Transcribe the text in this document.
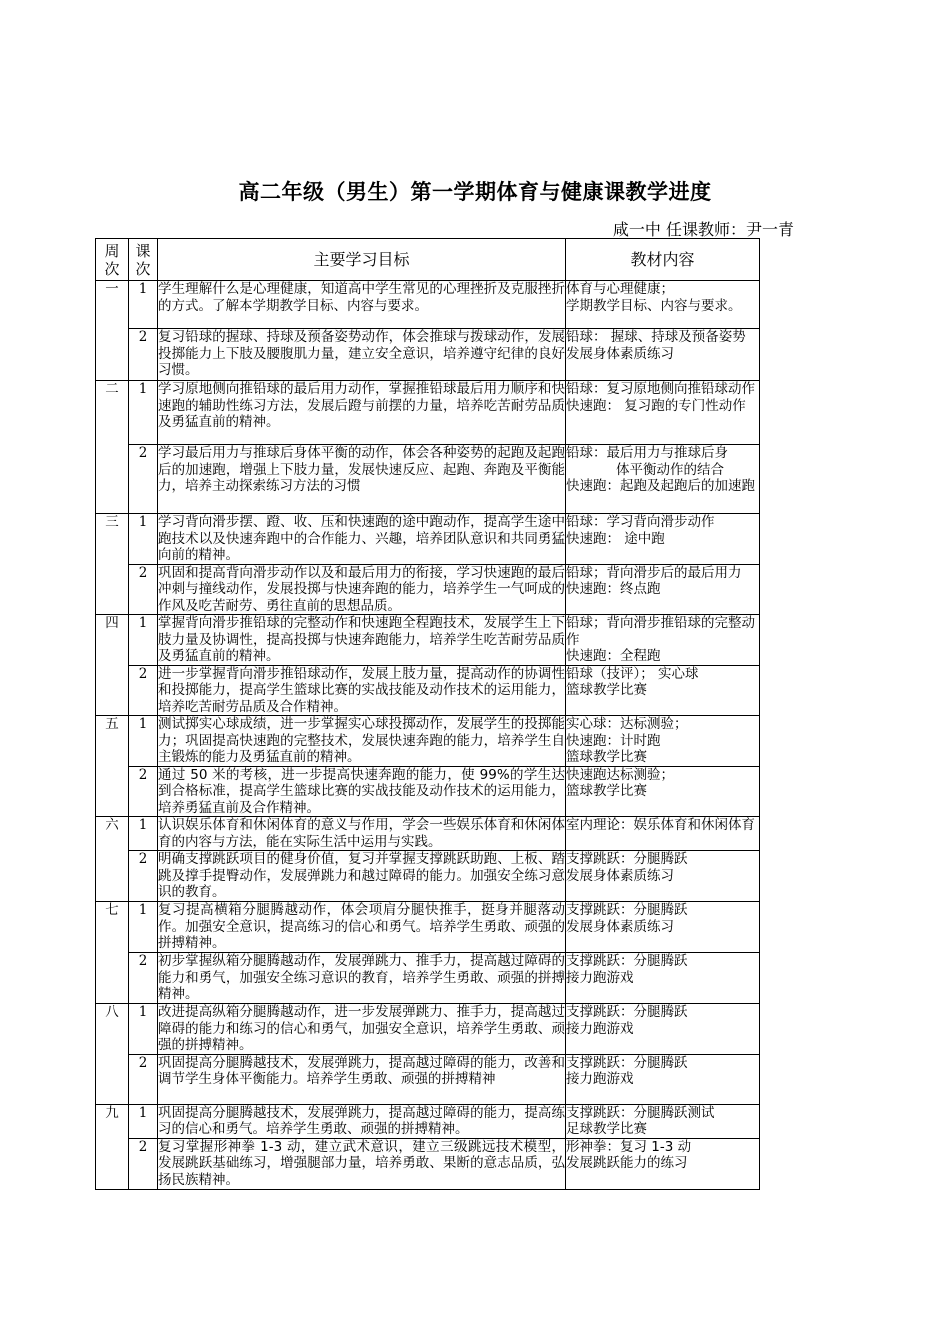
高二年级（男生）第一学期体育与健康课教学进度
咸一中 任课教师：尹一青
周次	课次	主要学习目标	教材内容
一	1	学生理解什么是心理健康，知道高中学生常见的心理挫折及克服挫折的方式。了解本学期教学目标、内容与要求。	体育与心理健康；
学期教学目标、内容与要求。

	2	复习铅球的握球、持球及预备姿势动作，体会推球与拨球动作，发展投掷能力上下肢及腰腹肌力量，建立安全意识，培养遵守纪律的良好习惯。	铅球： 握球、持球及预备姿势
发展身体素质练习

二	1	学习原地侧向推铅球的最后用力动作，掌握推铅球最后用力顺序和快速跑的辅助性练习方法，发展后蹬与前摆的力量，培养吃苦耐劳品质及勇猛直前的精神。	铅球：复习原地侧向推铅球动作
快速跑： 复习跑的专门性动作

	2	学习最后用力与推球后身体平衡的动作，体会各种姿势的起跑及起跑后的加速跑，增强上下肢力量，发展快速反应、起跑、奔跑及平衡能力，培养主动探索练习方法的习惯	铅球：最后用力与推球后身
体平衡动作的结合
快速跑：起跑及起跑后的加速跑

三	1	学习背向滑步摆、蹬、收、压和快速跑的途中跑动作，提高学生途中跑技术以及快速奔跑中的合作能力、兴趣，培养团队意识和共同勇猛向前的精神。	铅球：学习背向滑步动作
快速跑： 途中跑

	2	巩固和提高背向滑步动作以及和最后用力的衔接，学习快速跑的最后冲刺与撞线动作，发展投掷与快速奔跑的能力，培养学生一气呵成的作风及吃苦耐劳、勇往直前的思想品质。	铅球；背向滑步后的最后用力
快速跑：终点跑

四	1	掌握背向滑步推铅球的完整动作和快速跑全程跑技术，发展学生上下肢力量及协调性，提高投掷与快速奔跑能力，培养学生吃苦耐劳品质及勇猛直前的精神。	铅球；背向滑步推铅球的完整动作
快速跑：全程跑

	2	进一步掌握背向滑步推铅球动作，发展上肢力量，提高动作的协调性和投掷能力，提高学生篮球比赛的实战技能及动作技术的运用能力，培养吃苦耐劳品质及合作精神。	铅球（技评）； 实心球
篮球教学比赛

五	1	测试掷实心球成绩，进一步掌握实心球投掷动作，发展学生的投掷能力；巩固提高快速跑的完整技术，发展快速奔跑的能力，培养学生自主锻炼的能力及勇猛直前的精神。	实心球：达标测验；
快速跑：计时跑
篮球教学比赛

	2	通过 50 米的考核，进一步提高快速奔跑的能力，使 99%的学生达到合格标准，提高学生篮球比赛的实战技能及动作技术的运用能力，培养勇猛直前及合作精神。	快速跑达标测验；
篮球教学比赛

六	1	认识娱乐体育和休闲体育的意义与作用，学会一些娱乐体育和休闲体育的内容与方法，能在实际生活中运用与实践。	室内理论：娱乐体育和休闲体育

	2	明确支撑跳跃项目的健身价值，复习并掌握支撑跳跃助跑、上板、踏跳及撑手提臀动作，发展弹跳力和越过障碍的能力。加强安全练习意识的教育。	支撑跳跃：分腿腾跃
发展身体素质练习

七	1	复习提高横箱分腿腾越动作，体会项肩分腿快推手，挺身并腿落动作。加强安全意识，提高练习的信心和勇气。培养学生勇敢、顽强的拼搏精神。	支撑跳跃：分腿腾跃
发展身体素质练习

	2	初步掌握纵箱分腿腾越动作，发展弹跳力、推手力，提高越过障碍的能力和勇气，加强安全练习意识的教育，培养学生勇敢、顽强的拼搏精神。	支撑跳跃：分腿腾跃
接力跑游戏

八	1	改进提高纵箱分腿腾越动作，进一步发展弹跳力、推手力，提高越过障碍的能力和练习的信心和勇气，加强安全意识，培养学生勇敢、顽强的拼搏精神。	支撑跳跃：分腿腾跃
接力跑游戏

	2	巩固提高分腿腾越技术，发展弹跳力，提高越过障碍的能力，改善和调节学生身体平衡能力。培养学生勇敢、顽强的拼搏精神	支撑跳跃：分腿腾跃
接力跑游戏

九	1	巩固提高分腿腾越技术，发展弹跳力，提高越过障碍的能力，提高练习的信心和勇气。培养学生勇敢、顽强的拼搏精神。	支撑跳跃：分腿腾跃测试
足球教学比赛

	2	复习掌握形神拳 1-3 动，建立武术意识，建立三级跳远技术模型，发展跳跃基础练习，增强腿部力量，培养勇敢、果断的意志品质，弘扬民族精神。	形神拳：复习 1-3 动
发展跳跃能力的练习
